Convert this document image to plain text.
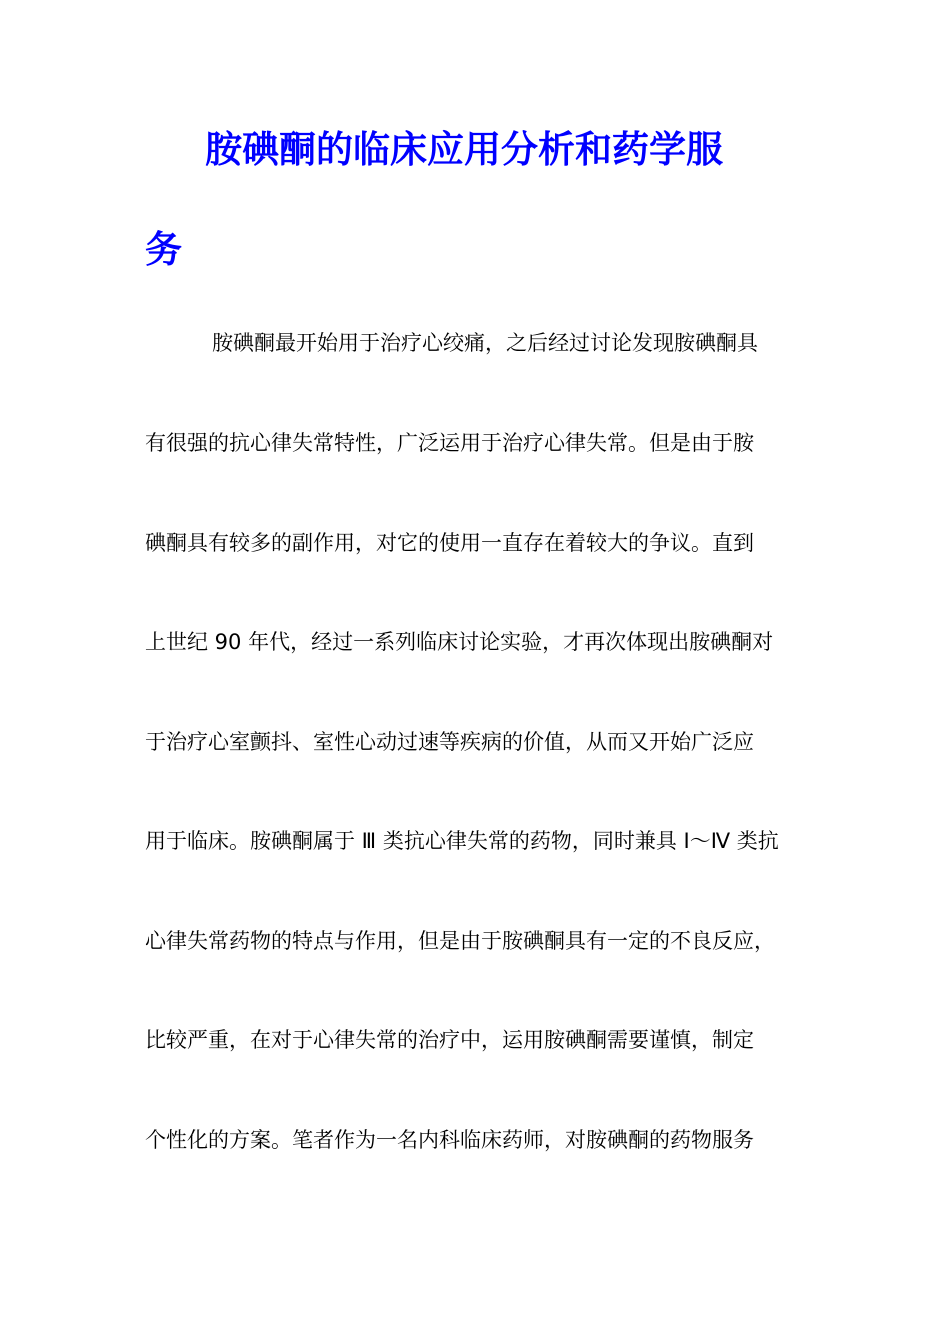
胺碘酮的临床应用分析和药学服
务
胺碘酮最开始用于治疗心绞痛，之后经过讨论发现胺碘酮具
有很强的抗心律失常特性，广泛运用于治疗心律失常。但是由于胺
碘酮具有较多的副作用，对它的使用一直存在着较大的争议。直到
上世纪 90 年代，经过一系列临床讨论实验，才再次体现出胺碘酮对
于治疗心室颤抖、室性心动过速等疾病的价值，从而又开始广泛应
用于临床。胺碘酮属于 Ⅲ 类抗心律失常的药物，同时兼具 Ⅰ～Ⅳ 类抗
心律失常药物的特点与作用，但是由于胺碘酮具有一定的不良反应，
比较严重，在对于心律失常的治疗中，运用胺碘酮需要谨慎，制定
个性化的方案。笔者作为一名内科临床药师，对胺碘酮的药物服务
